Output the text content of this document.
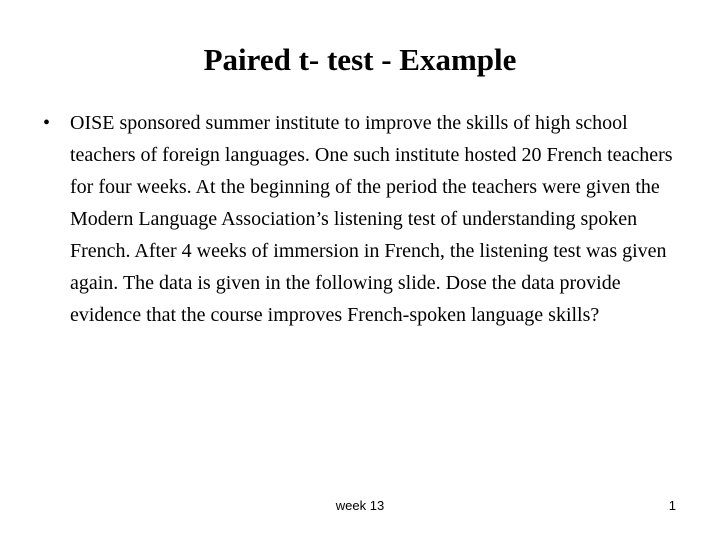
Paired t- test - Example
• OISE sponsored summer institute to improve the skills of high school teachers of foreign languages. One such institute hosted 20 French teachers for four weeks. At the beginning of the period the teachers were given the Modern Language Association’s listening test of understanding spoken French. After 4 weeks of immersion in French, the listening test was given again. The data is given in the following slide. Dose the data provide evidence that the course improves French-spoken language skills?

week 13	1
